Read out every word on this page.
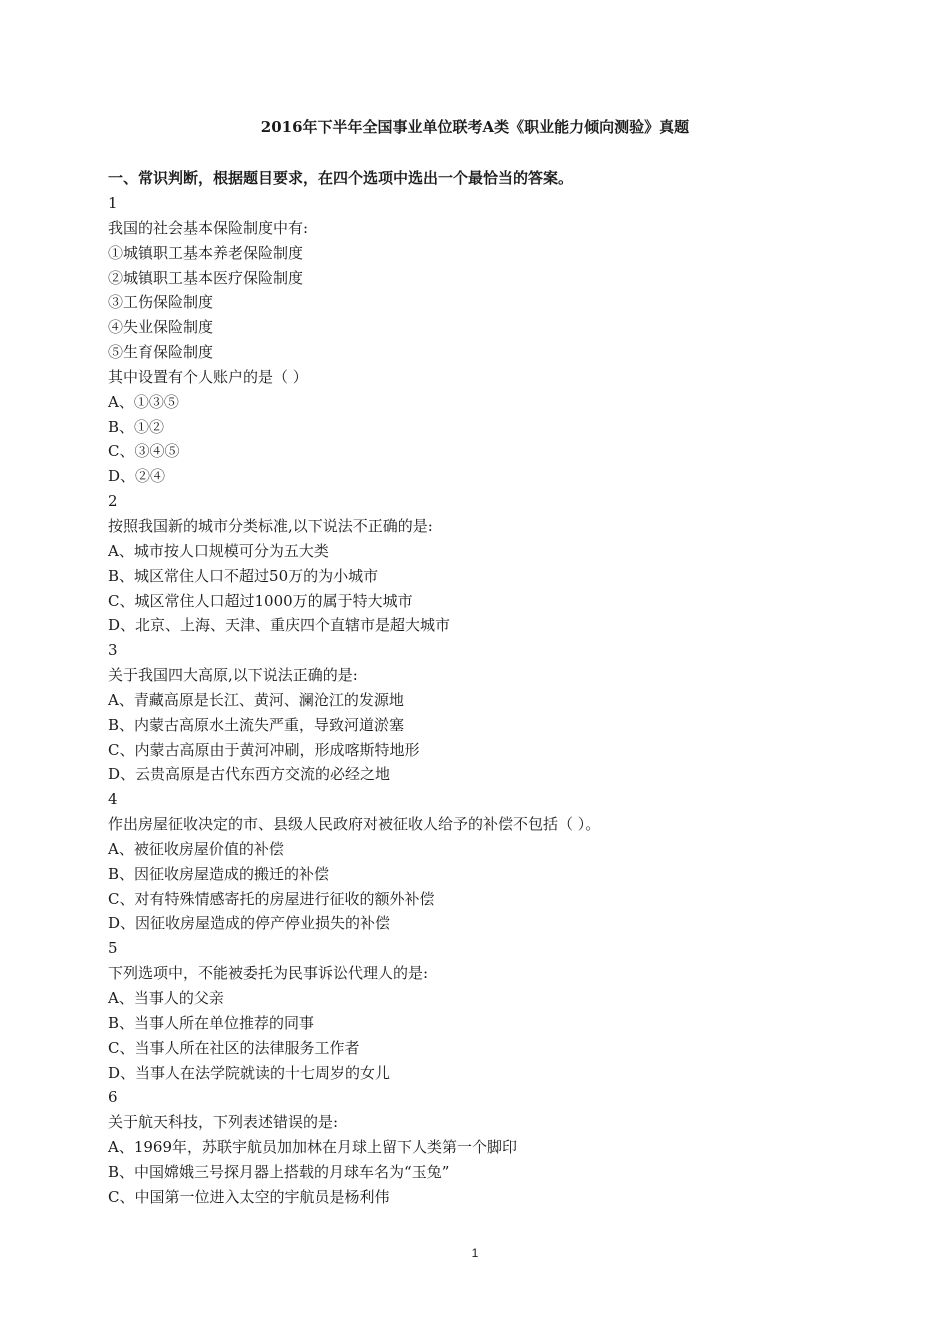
2016年下半年全国事业单位联考A类《职业能力倾向测验》真题
一、常识判断，根据题目要求，在四个选项中选出一个最恰当的答案。
1
我国的社会基本保险制度中有:
①城镇职工基本养老保险制度
②城镇职工基本医疗保险制度
③工伤保险制度
④失业保险制度
⑤生育保险制度
其中设置有个人账户的是（ ）
A、①③⑤
B、①②
C、③④⑤
D、②④
2
按照我国新的城市分类标准,以下说法不正确的是:
A、城市按人口规模可分为五大类
B、城区常住人口不超过50万的为小城市
C、城区常住人口超过1000万的属于特大城市
D、北京、上海、天津、重庆四个直辖市是超大城市
3
关于我国四大高原,以下说法正确的是:
A、青藏高原是长江、黄河、澜沧江的发源地
B、内蒙古高原水土流失严重，导致河道淤塞
C、内蒙古高原由于黄河冲刷，形成喀斯特地形
D、云贵高原是古代东西方交流的必经之地
4
作出房屋征收决定的市、县级人民政府对被征收人给予的补偿不包括（ ）。
A、被征收房屋价值的补偿
B、因征收房屋造成的搬迁的补偿
C、对有特殊情感寄托的房屋进行征收的额外补偿
D、因征收房屋造成的停产停业损失的补偿
5
下列选项中，不能被委托为民事诉讼代理人的是:
A、当事人的父亲
B、当事人所在单位推荐的同事
C、当事人所在社区的法律服务工作者
D、当事人在法学院就读的十七周岁的女儿
6
关于航天科技，下列表述错误的是:
A、1969年，苏联宇航员加加林在月球上留下人类第一个脚印
B、中国嫦娥三号探月器上搭载的月球车名为“玉兔”
C、中国第一位进入太空的宇航员是杨利伟
1
